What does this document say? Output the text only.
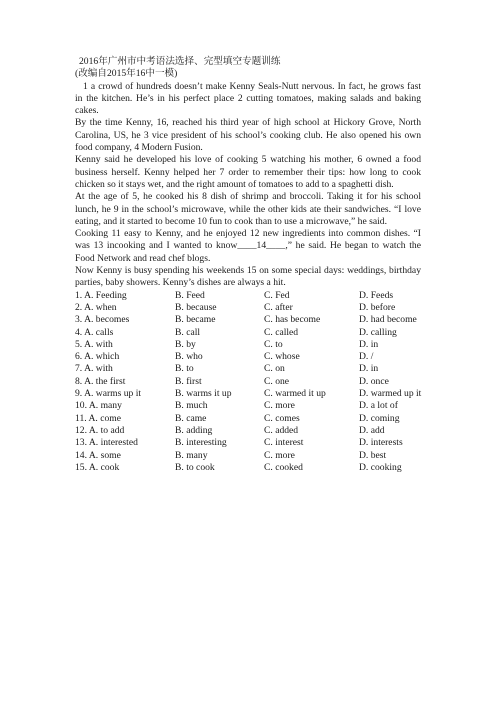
2016年广州市中考语法选择、完型填空专题训练
(改编自2015年16中一模)
1 a crowd of hundreds doesn’t make Kenny Seals-Nutt nervous. In fact, he grows fast in the kitchen. He’s in his perfect place 2 cutting tomatoes, making salads and baking cakes.
By the time Kenny, 16, reached his third year of high school at Hickory Grove, North Carolina, US, he 3 vice president of his school’s cooking club. He also opened his own food company, 4 Modern Fusion.
Kenny said he developed his love of cooking 5 watching his mother, 6 owned a food business herself. Kenny helped her 7 order to remember their tips: how long to cook chicken so it stays wet, and the right amount of tomatoes to add to a spaghetti dish.
At the age of 5, he cooked his 8 dish of shrimp and broccoli. Taking it for his school lunch, he 9 in the school’s microwave, while the other kids ate their sandwiches. “I love eating, and it started to become 10 fun to cook than to use a microwave,” he said.
Cooking 11 easy to Kenny, and he enjoyed 12 new ingredients into common dishes. “I was 13 incooking and I wanted to know____14____,” he said. He began to watch the Food Network and read chef blogs.
Now Kenny is busy spending his weekends 15 on some special days: weddings, birthday parties, baby showers. Kenny’s dishes are always a hit.
1. A. Feeding	B. Feed	C. Fed	D. Feeds
2. A. when	B. because	C. after	D. before
3. A. becomes	B. became	C. has become	D. had become
4. A. calls	B. call	C. called	D. calling
5. A. with	B. by	C. to	D. in
6. A. which	B. who	C. whose	D. /
7. A. with	B. to	C. on	D. in
8. A. the first	B. first	C. one	D. once
9. A. warms up it	B. warms it up	C. warmed it up	D. warmed up it
10. A. many	B. much	C. more	D. a lot of
11. A. come	B. came	C. comes	D. coming
12. A. to add	B. adding	C. added	D. add
13. A. interested	B. interesting	C. interest	D. interests
14. A. some	B. many	C. more	D. best
15. A. cook	B. to cook	C. cooked	D. cooking
